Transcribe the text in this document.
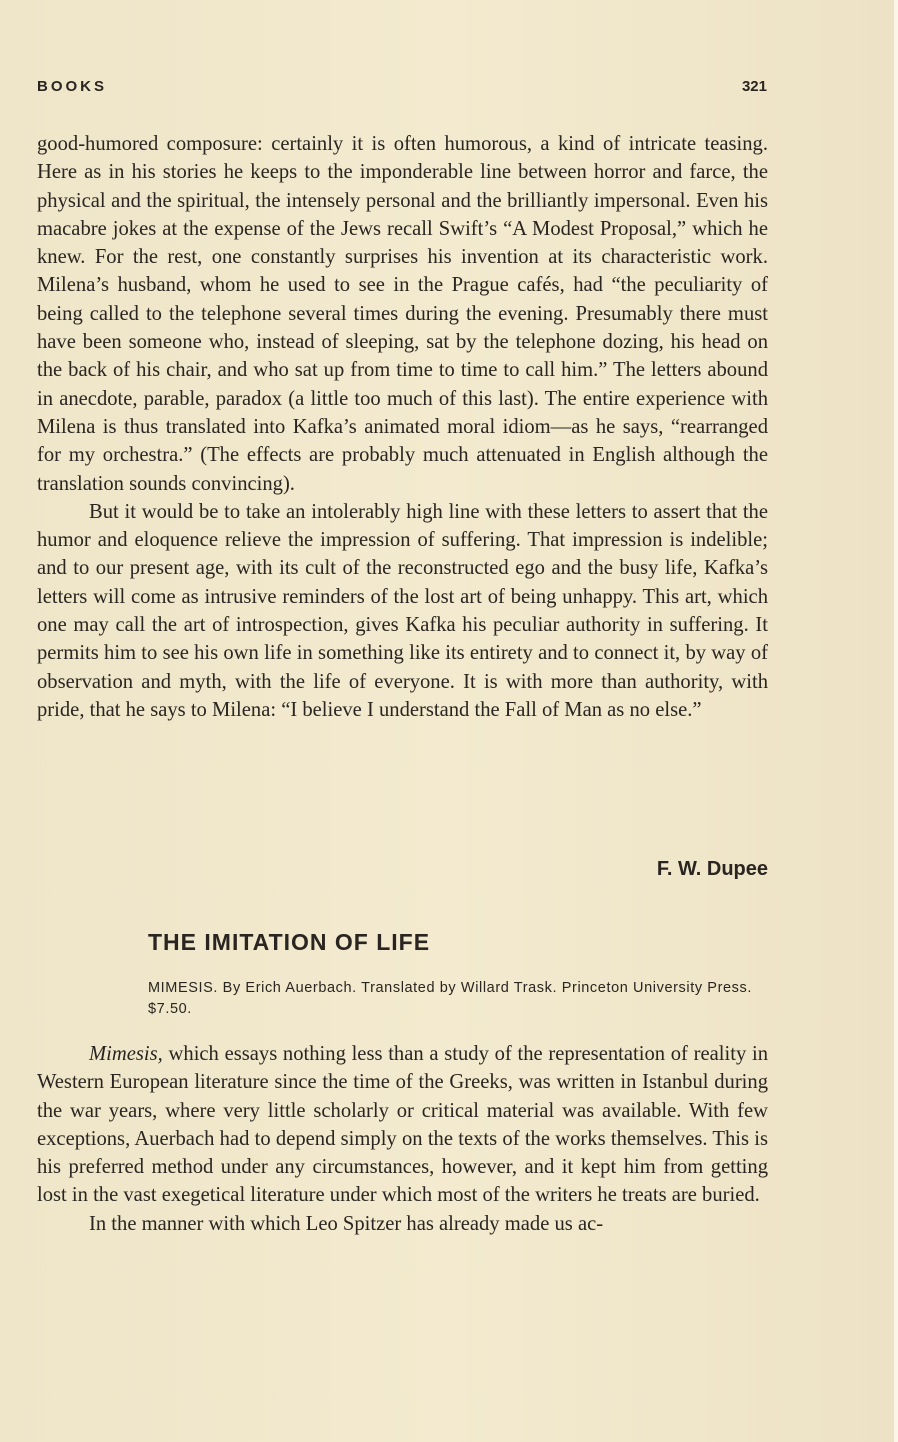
BOOKS	321

good-humored composure: certainly it is often humorous, a kind of intricate teasing. Here as in his stories he keeps to the imponderable line between horror and farce, the physical and the spiritual, the intensely personal and the brilliantly impersonal. Even his macabre jokes at the expense of the Jews recall Swift’s “A Modest Proposal,” which he knew. For the rest, one constantly surprises his invention at its characteristic work. Milena’s husband, whom he used to see in the Prague cafés, had “the peculiarity of being called to the telephone several times during the evening. Presumably there must have been someone who, instead of sleeping, sat by the telephone dozing, his head on the back of his chair, and who sat up from time to time to call him.” The letters abound in anecdote, parable, paradox (a little too much of this last). The entire experience with Milena is thus translated into Kafka’s animated moral idiom—as he says, “rearranged for my orchestra.” (The effects are probably much attenuated in English although the translation sounds convincing).

But it would be to take an intolerably high line with these letters to assert that the humor and eloquence relieve the impression of suffering. That impression is indelible; and to our present age, with its cult of the reconstructed ego and the busy life, Kafka’s letters will come as intrusive reminders of the lost art of being unhappy. This art, which one may call the art of introspection, gives Kafka his peculiar authority in suffering. It permits him to see his own life in something like its entirety and to connect it, by way of observation and myth, with the life of everyone. It is with more than authority, with pride, that he says to Milena: “I believe I understand the Fall of Man as no else.”

F. W. Dupee
THE IMITATION OF LIFE
MIMESIS. By Erich Auerbach. Translated by Willard Trask. Princeton University Press. $7.50.

Mimesis, which essays nothing less than a study of the representation of reality in Western European literature since the time of the Greeks, was written in Istanbul during the war years, where very little scholarly or critical material was available. With few exceptions, Auerbach had to depend simply on the texts of the works themselves. This is his preferred method under any circumstances, however, and it kept him from getting lost in the vast exegetical literature under which most of the writers he treats are buried.

In the manner with which Leo Spitzer has already made us ac-
